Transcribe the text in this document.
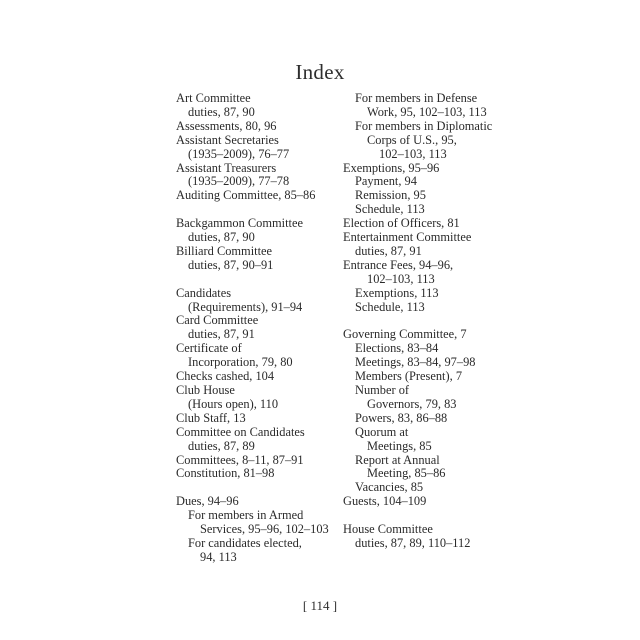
Index
Art Committee
duties, 87, 90
Assessments, 80, 96
Assistant Secretaries
(1935–2009), 76–77
Assistant Treasurers
(1935–2009), 77–78
Auditing Committee, 85–86
Backgammon Committee
duties, 87, 90
Billiard Committee
duties, 87, 90–91
Candidates
(Requirements), 91–94
Card Committee
duties, 87, 91
Certificate of
Incorporation, 79, 80
Checks cashed, 104
Club House
(Hours open), 110
Club Staff, 13
Committee on Candidates
duties, 87, 89
Committees, 8–11, 87–91
Constitution, 81–98
Dues, 94–96
For members in Armed
Services, 95–96, 102–103
For candidates elected,
94, 113
For members in Defense
Work, 95, 102–103, 113
For members in Diplomatic
Corps of U.S., 95,
102–103, 113
Exemptions, 95–96
Payment, 94
Remission, 95
Schedule, 113
Election of Officers, 81
Entertainment Committee
duties, 87, 91
Entrance Fees, 94–96,
102–103, 113
Exemptions, 113
Schedule, 113
Governing Committee, 7
Elections, 83–84
Meetings, 83–84, 97–98
Members (Present), 7
Number of
Governors, 79, 83
Powers, 83, 86–88
Quorum at
Meetings, 85
Report at Annual
Meeting, 85–86
Vacancies, 85
Guests, 104–109
House Committee
duties, 87, 89, 110–112
[ 114 ]
